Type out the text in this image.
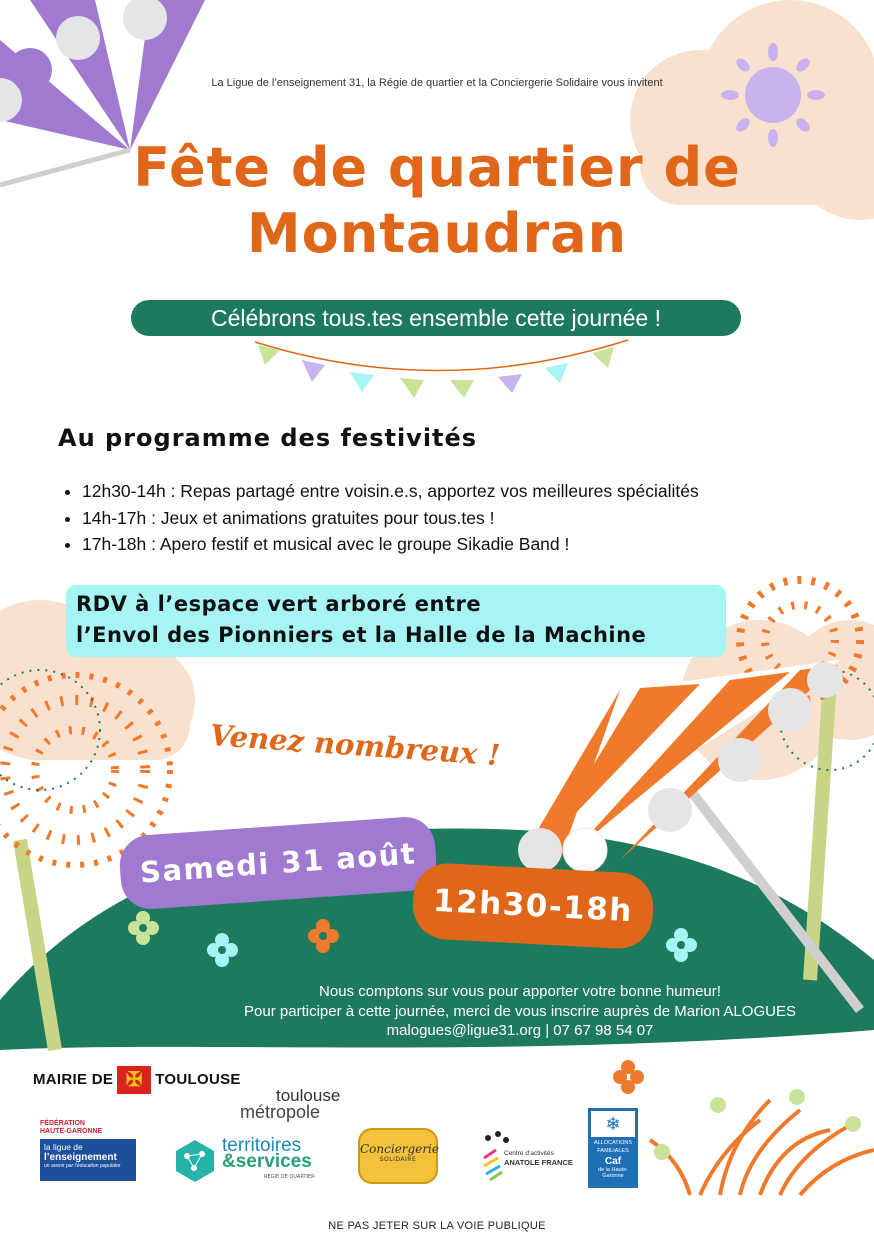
La Ligue de l’enseignement 31, la Régie de quartier et la Conciergerie Solidaire vous invitent
Fête de quartier de
Montaudran
Célébrons tous.tes ensemble cette journée !
Au programme des festivités
• 12h30-14h : Repas partagé entre voisin.e.s, apportez vos meilleures spécialités
• 14h-17h : Jeux et animations gratuites pour tous.tes !
• 17h-18h : Apero festif et musical avec le groupe Sikadie Band !
RDV à l’espace vert arboré entre
l’Envol des Pionniers et la Halle de la Machine
Venez nombreux !
Samedi 31 août
12h30-18h
Nous comptons sur vous pour apporter votre bonne humeur!
Pour participer à cette journée, merci de vous inscrire auprès de Marion ALOGUES
malogues@ligue31.org | 07 67 98 54 07
MAIRIE DE ✠ TOULOUSE
toulouse
métropole
FÉDÉRATION
HAUTE-GARONNE
la ligue de
l’enseignement
un avenir par l’éducation populaire
territoires
&services
RÉGIE DE QUARTIER
Conciergerie
SOLIDAIRE
Centre d’activités
ANATOLE FRANCE
❄
ALLOCATIONS
FAMILIALES
Caf
de la Haute-
Garonne
NE PAS JETER SUR LA VOIE PUBLIQUE
